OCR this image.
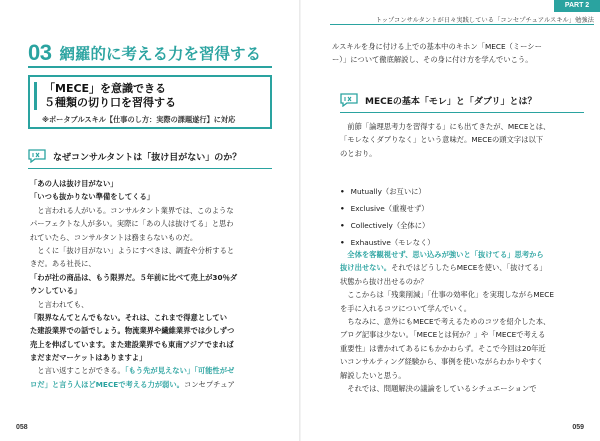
PART 2
トップコンサルタントが日々実践している「コンセプチュアルスキル」勉強法
03 網羅的に考える力を習得する
「MECE」を意識できる
５種類の切り口を習得する
※ポータブルスキル【仕事のし方：実際の課題遂行】に対応
なぜコンサルタントは「抜け目がない」のか？
「あの人は抜け目がない」
「いつも抜かりない準備をしてくる」
　と言われる人がいる。コンサルタント業界では、このような
パーフェクトな人が多い。実際に「あの人は抜けてる」と思わ
れていたら、コンサルタントは務まらないものだ。
　とくに「抜け目がない」ようにすべきは、調査や分析すると
きだ。ある社長に、
「わが社の商品は、もう限界だ。５年前に比べて売上が30％ダ
ウンしている」
　と言われても、
「限界なんてとんでもない。それは、これまで得意としてい
た建設業界での話でしょう。物流業界や繊維業界では少しずつ
売上を伸ばしています。また建設業界でも東南アジアでまれば
まだまだマーケットはありますよ」
　と言い返すことができる。「もう先が見えない」「可能性がゼ
ロだ」と言う人ほどMECEで考える力が弱い。コンセプチュア
058
ルスキルを身に付ける上での基本中のキホン「MECE（ミーシー
ー）」について徹底解説し、その身に付け方を学んでいこう。
MECEの基本「モレ」と「ダブリ」とは？
　前節「論理思考力を習得する」にも出てきたが、MECEとは、
「モレなくダブりなく」という意味だ。MECEの頭文字は以下
のとおり。
• Mutually（お互いに）
• Exclusive（重複せず）
• Collectively（全体に）
• Exhaustive（モレなく）
　全体を客観視せず、思い込みが強いと「抜けてる」思考から
抜け出せない。それではどうしたらMECEを使い、「抜けてる」
状態から抜け出せるのか？
　ここからは「残業削減」「仕事の効率化」を実現しながらMECE
を手に入れるコツについて学んでいく。
　ちなみに、意外にもMECEで考えるためのコツを紹介した本、
ブログ記事は少ない。「MECEとは何か？」や「MECEで考える
重要性」は書かれてあるにもかかわらず。そこで今回は20年近
いコンサルティング経験から、事例を使いながらわかりやすく
解説したいと思う。
　それでは、問題解決の議論をしているシチュエーションで
059
